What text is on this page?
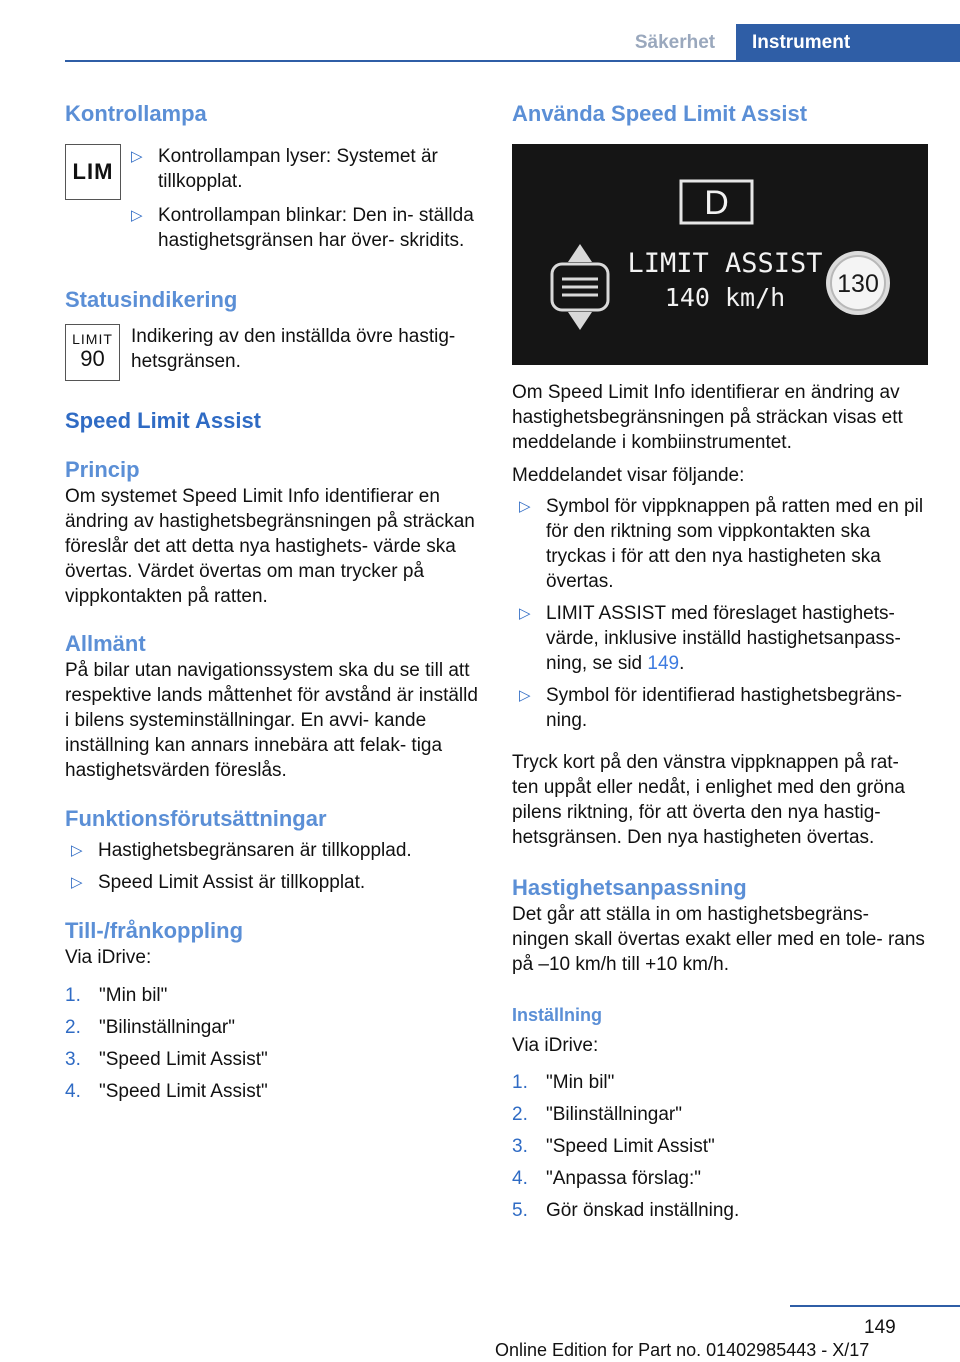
Säkerhet	Instrument
Kontrollampa
LIM
▷ Kontrollampan lyser: Systemet är tillkopplat.
▷ Kontrollampan blinkar: Den in‐ ställda hastighetsgränsen har över‐ skridits.
Statusindikering
LIMIT
90

Indikering av den inställda övre hastig‐ hetsgränsen.

Speed Limit Assist
Princip

Om systemet Speed Limit Info identifierar en ändring av hastighetsbegränsningen på sträckan föreslår det att detta nya hastighets‐ värde ska övertas. Värdet övertas om man trycker på vippkontakten på ratten.

Allmänt

På bilar utan navigationssystem ska du se till att respektive lands måttenhet för avstånd är inställd i bilens systeminställningar. En avvi‐ kande inställning kan annars innebära att felak‐ tiga hastighetsvärden föreslås.

Funktionsförutsättningar
▷ Hastighetsbegränsaren är tillkopplad.
▷ Speed Limit Assist är tillkopplat.
Till-/frånkoppling

Via iDrive:

1. "Min bil"
2. "Bilinställningar"
3. "Speed Limit Assist"
4. "Speed Limit Assist"
Använda Speed Limit Assist
D
LIMIT ASSIST
140 km/h 130

Om Speed Limit Info identifierar en ändring av hastighetsbegränsningen på sträckan visas ett meddelande i kombiinstrumentet.

Meddelandet visar följande:

▷ Symbol för vippknappen på ratten med en pil för den riktning som vippkontakten ska tryckas i för att den nya hastigheten ska övertas.
▷ LIMIT ASSIST med föreslaget hastighets‐ värde, inklusive inställd hastighetsanpass‐ ning, se sid 149.
▷ Symbol för identifierad hastighetsbegräns‐ ning.

Tryck kort på den vänstra vippknappen på rat‐ ten uppåt eller nedåt, i enlighet med den gröna pilens riktning, för att överta den nya hastig‐ hetsgränsen. Den nya hastigheten övertas.

Hastighetsanpassning

Det går att ställa in om hastighetsbegräns‐ ningen skall övertas exakt eller med en tole‐ rans på –10 km/h till +10 km/h.

Inställning

Via iDrive:

1. "Min bil"
2. "Bilinställningar"
3. "Speed Limit Assist"
4. "Anpassa förslag:"
5. Gör önskad inställning.
149
Online Edition for Part no. 01402985443 - X/17
